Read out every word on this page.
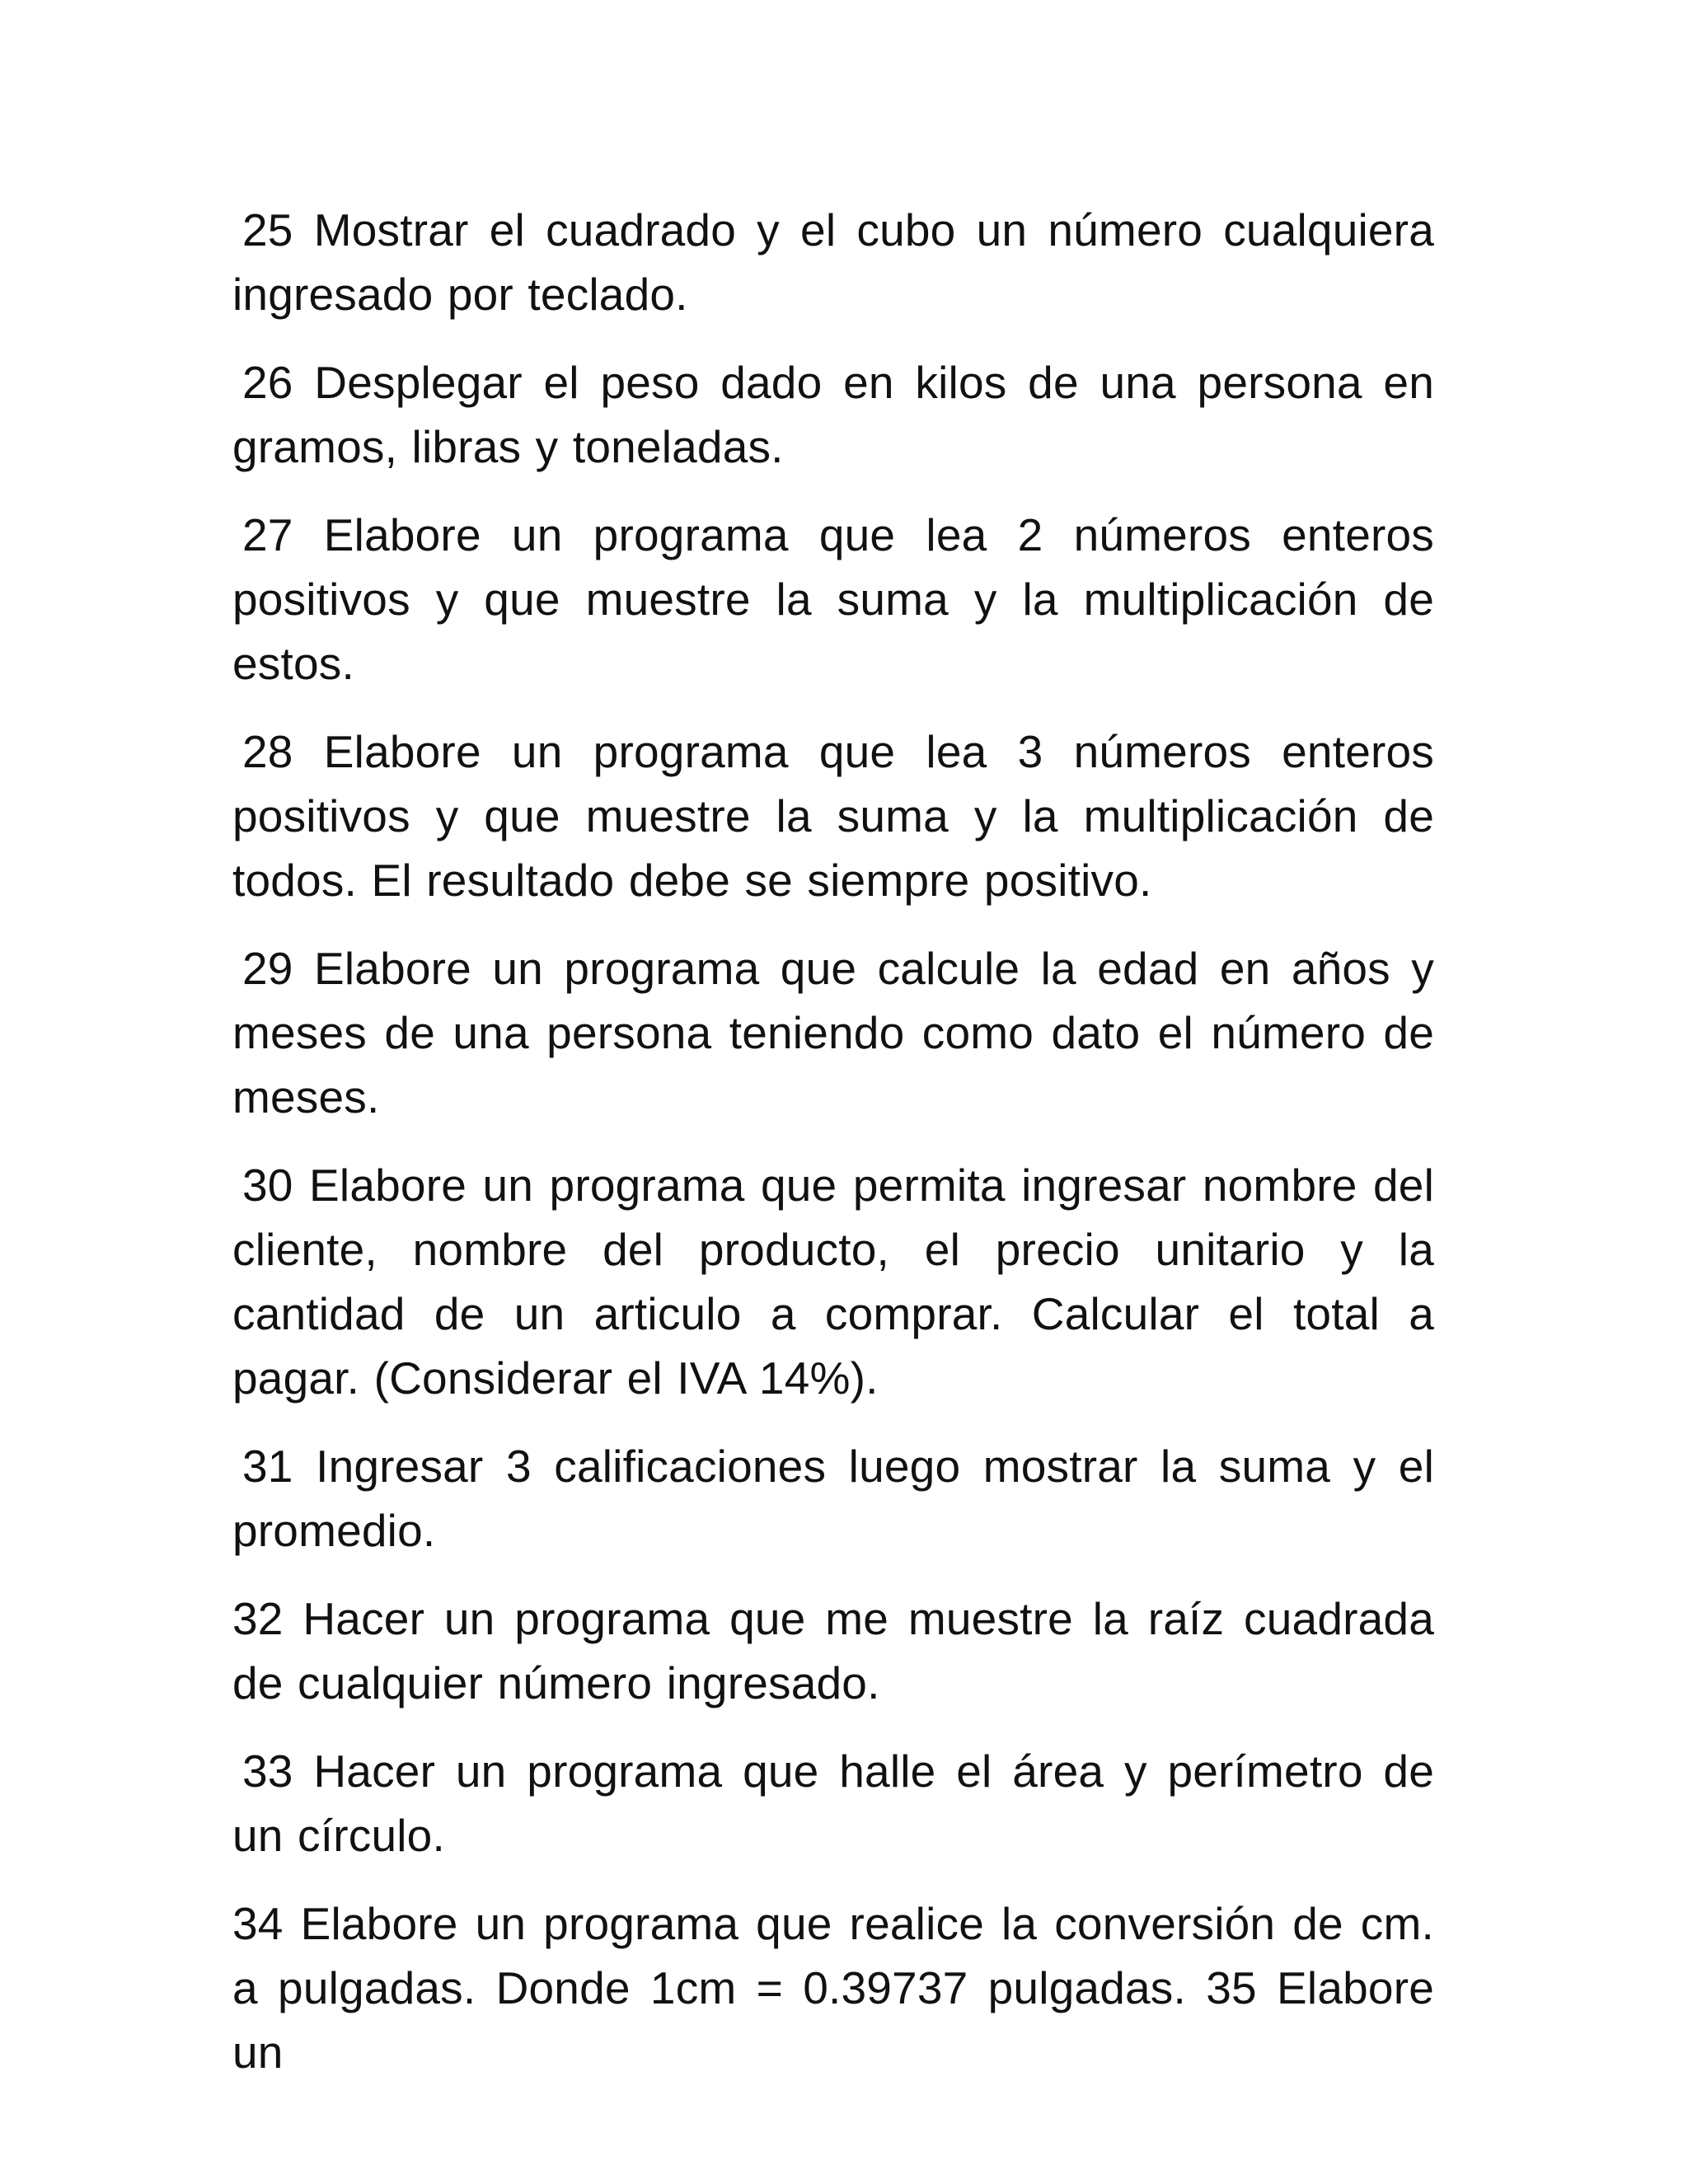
25 Mostrar el cuadrado y el cubo un número cualquiera ingresado por teclado.

26 Desplegar el peso dado en kilos de una persona en gramos, libras y toneladas.

27 Elabore un programa que lea 2 números enteros positivos y que muestre la suma y la multiplicación de estos.

28 Elabore un programa que lea 3 números enteros positivos y que muestre la suma y la multiplicación de todos. El resultado debe se siempre positivo.

29 Elabore un programa que calcule la edad en años y meses de una persona teniendo como dato el número de meses.

30 Elabore un programa que permita ingresar nombre del cliente, nombre del producto, el precio unitario y la cantidad de un articulo a comprar. Calcular el total a pagar. (Considerar el IVA 14%).

31 Ingresar 3 calificaciones luego mostrar la suma y el promedio.

32 Hacer un programa que me muestre la raíz cuadrada de cualquier número ingresado.

33 Hacer un programa que halle el área y perímetro de un círculo.

34 Elabore un programa que realice la conversión de cm. a pulgadas. Donde 1cm = 0.39737 pulgadas. 35 Elabore un
